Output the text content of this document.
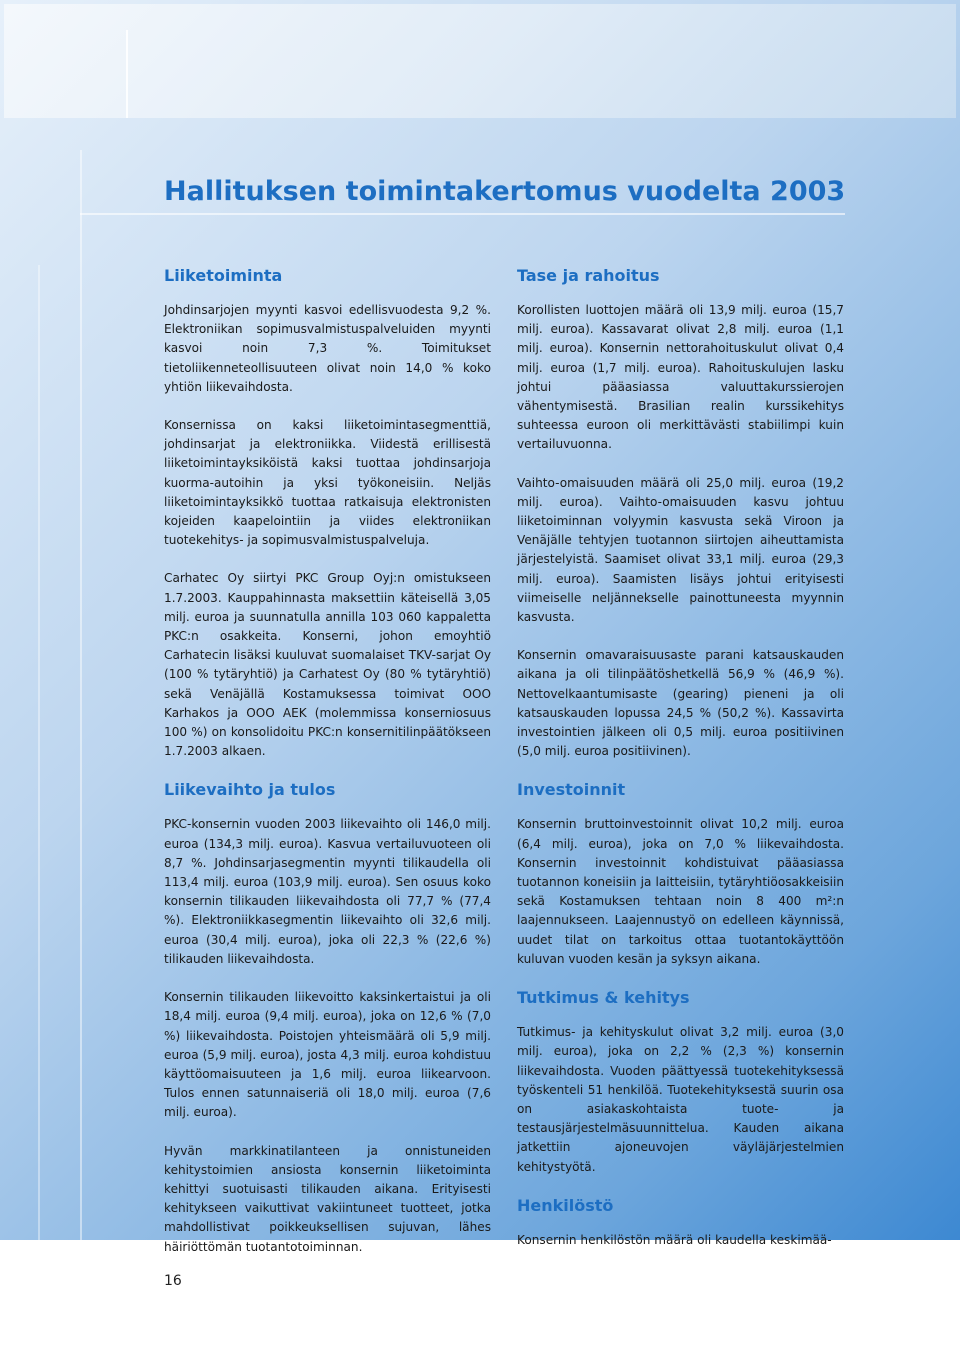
Hallituksen toimintakertomus vuodelta 2003
Liiketoiminta

Johdinsarjojen myynti kasvoi edellisvuodesta 9,2 %. Elektroniikan sopimusvalmistuspalveluiden myynti kasvoi noin 7,3 %. Toimitukset tietoliikenneteollisuuteen olivat noin 14,0 % koko yhtiön liikevaihdosta.

Konsernissa on kaksi liiketoimintasegmenttiä, johdinsarjat ja elektroniikka. Viidestä erillisestä liiketoimintayksiköistä kaksi tuottaa johdinsarjoja kuorma-autoihin ja yksi työkoneisiin. Neljäs liiketoimintayksikkö tuottaa ratkaisuja elektronisten kojeiden kaapelointiin ja viides elektroniikan tuotekehitys- ja sopimusvalmistuspalveluja.

Carhatec Oy siirtyi PKC Group Oyj:n omistukseen 1.7.2003. Kauppahinnasta maksettiin käteisellä 3,05 milj. euroa ja suunnatulla annilla 103 060 kappaletta PKC:n osakkeita. Konserni, johon emoyhtiö Carhatecin lisäksi kuuluvat suomalaiset TKV-sarjat Oy (100 % tytäryhtiö) ja Carhatest Oy (80 % tytäryhtiö) sekä Venäjällä Kostamuksessa toimivat OOO Karhakos ja OOO AEK (molemmissa konserniosuus 100 %) on konsolidoitu PKC:n konsernitilinpäätökseen 1.7.2003 alkaen.

Liikevaihto ja tulos

PKC-konsernin vuoden 2003 liikevaihto oli 146,0 milj. euroa (134,3 milj. euroa). Kasvua vertailuvuoteen oli 8,7 %. Johdinsarjasegmentin myynti tilikaudella oli 113,4 milj. euroa (103,9 milj. euroa). Sen osuus koko konsernin tilikauden liikevaihdosta oli 77,7 % (77,4 %). Elektroniikkasegmentin liikevaihto oli 32,6 milj. euroa (30,4 milj. euroa), joka oli 22,3 % (22,6 %) tilikauden liikevaihdosta.

Konsernin tilikauden liikevoitto kaksinkertaistui ja oli 18,4 milj. euroa (9,4 milj. euroa), joka on 12,6 % (7,0 %) liikevaihdosta. Poistojen yhteismäärä oli 5,9 milj. euroa (5,9 milj. euroa), josta 4,3 milj. euroa kohdistuu käyttöomaisuuteen ja 1,6 milj. euroa liikearvoon. Tulos ennen satunnaiseriä oli 18,0 milj. euroa (7,6 milj. euroa).

Hyvän markkinatilanteen ja onnistuneiden kehitystoimien ansiosta konsernin liiketoiminta kehittyi suotuisasti tilikauden aikana. Erityisesti kehitykseen vaikuttivat vakiintuneet tuotteet, jotka mahdollistivat poikkeuksellisen sujuvan, lähes häiriöttömän tuotantotoiminnan.

Tase ja rahoitus

Korollisten luottojen määrä oli 13,9 milj. euroa (15,7 milj. euroa). Kassavarat olivat 2,8 milj. euroa (1,1 milj. euroa). Konsernin nettorahoituskulut olivat 0,4 milj. euroa (1,7 milj. euroa). Rahoituskulujen lasku johtui pääasiassa valuuttakurssierojen vähentymisestä. Brasilian realin kurssikehitys suhteessa euroon oli merkittävästi stabiilimpi kuin vertailuvuonna.

Vaihto-omaisuuden määrä oli 25,0 milj. euroa (19,2 milj. euroa). Vaihto-omaisuuden kasvu johtuu liiketoiminnan volyymin kasvusta sekä Viroon ja Venäjälle tehtyjen tuotannon siirtojen aiheuttamista järjestelyistä. Saamiset olivat 33,1 milj. euroa (29,3 milj. euroa). Saamisten lisäys johtui erityisesti viimeiselle neljännekselle painottuneesta myynnin kasvusta.

Konsernin omavaraisuusaste parani katsauskauden aikana ja oli tilinpäätöshetkellä 56,9 % (46,9 %). Nettovelkaantumisaste (gearing) pieneni ja oli katsauskauden lopussa 24,5 % (50,2 %). Kassavirta investointien jälkeen oli 0,5 milj. euroa positiivinen (5,0 milj. euroa positiivinen).

Investoinnit

Konsernin bruttoinvestoinnit olivat 10,2 milj. euroa (6,4 milj. euroa), joka on 7,0 % liikevaihdosta. Konsernin investoinnit kohdistuivat pääasiassa tuotannon koneisiin ja laitteisiin, tytäryhtiöosakkeisiin sekä Kostamuksen tehtaan noin 8 400 m²:n laajennukseen. Laajennustyö on edelleen käynnissä, uudet tilat on tarkoitus ottaa tuotantokäyttöön kuluvan vuoden kesän ja syksyn aikana.

Tutkimus & kehitys

Tutkimus- ja kehityskulut olivat 3,2 milj. euroa (3,0 milj. euroa), joka on 2,2 % (2,3 %) konsernin liikevaihdosta. Vuoden päättyessä tuotekehityksessä työskenteli 51 henkilöä. Tuotekehityksestä suurin osa on asiakaskohtaista tuote- ja testausjärjestelmäsuunnittelua. Kauden aikana jatkettiin ajoneuvojen väyläjärjestelmien kehitystyötä.

Henkilöstö

Konsernin henkilöstön määrä oli kaudella keskimää-

16
